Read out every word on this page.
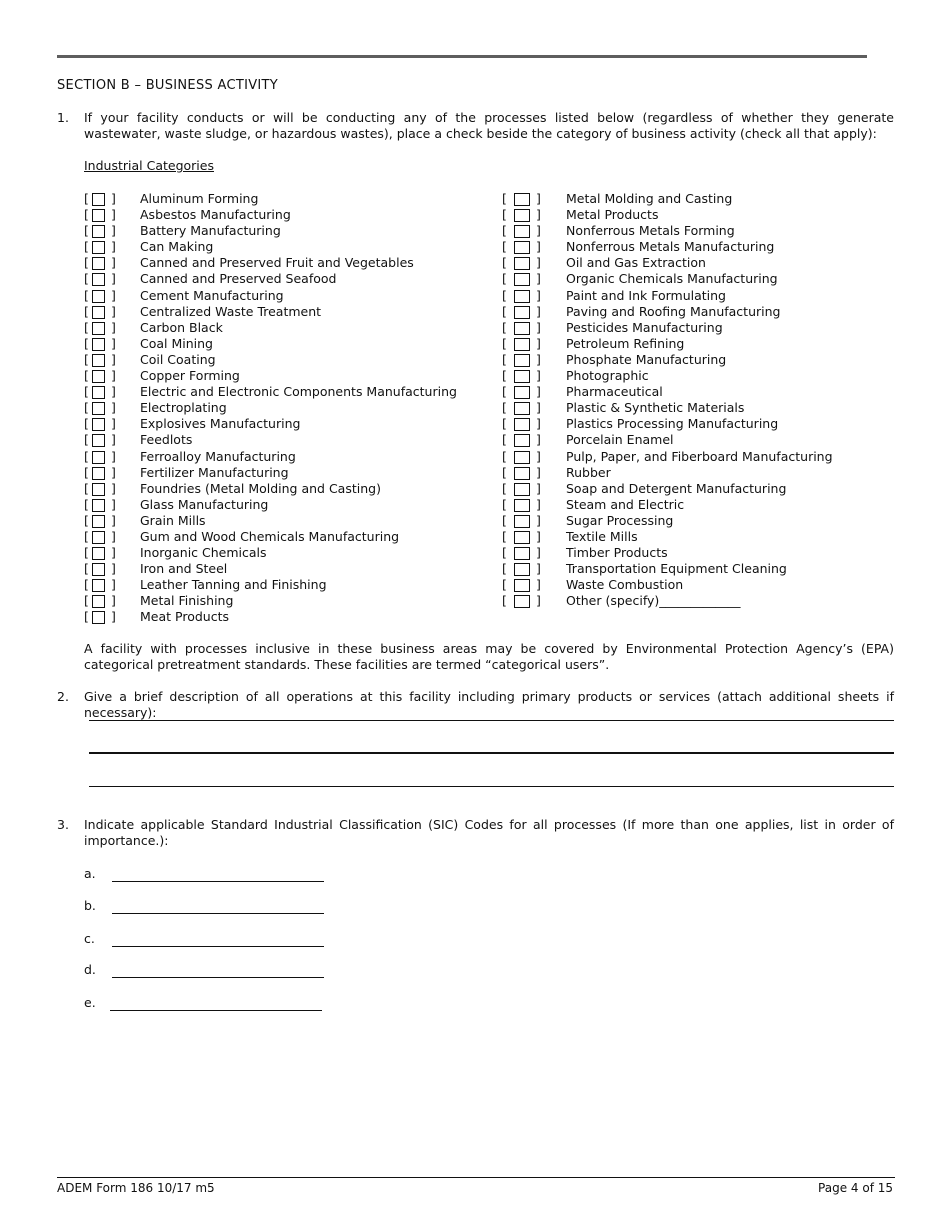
SECTION B – BUSINESS ACTIVITY
1. If your facility conducts or will be conducting any of the processes listed below (regardless of whether they generate wastewater, waste sludge, or hazardous wastes), place a check beside the category of business activity (check all that apply):
Industrial Categories
[ ] Aluminum Forming
[ ] Asbestos Manufacturing
[ ] Battery Manufacturing
[ ] Can Making
[ ] Canned and Preserved Fruit and Vegetables
[ ] Canned and Preserved Seafood
[ ] Cement Manufacturing
[ ] Centralized Waste Treatment
[ ] Carbon Black
[ ] Coal Mining
[ ] Coil Coating
[ ] Copper Forming
[ ] Electric and Electronic Components Manufacturing
[ ] Electroplating
[ ] Explosives Manufacturing
[ ] Feedlots
[ ] Ferroalloy Manufacturing
[ ] Fertilizer Manufacturing
[ ] Foundries (Metal Molding and Casting)
[ ] Glass Manufacturing
[ ] Grain Mills
[ ] Gum and Wood Chemicals Manufacturing
[ ] Inorganic Chemicals
[ ] Iron and Steel
[ ] Leather Tanning and Finishing
[ ] Metal Finishing
[ ] Meat Products
[ ] Metal Molding and Casting
[ ] Metal Products
[ ] Nonferrous Metals Forming
[ ] Nonferrous Metals Manufacturing
[ ] Oil and Gas Extraction
[ ] Organic Chemicals Manufacturing
[ ] Paint and Ink Formulating
[ ] Paving and Roofing Manufacturing
[ ] Pesticides Manufacturing
[ ] Petroleum Refining
[ ] Phosphate Manufacturing
[ ] Photographic
[ ] Pharmaceutical
[ ] Plastic & Synthetic Materials
[ ] Plastics Processing Manufacturing
[ ] Porcelain Enamel
[ ] Pulp, Paper, and Fiberboard Manufacturing
[ ] Rubber
[ ] Soap and Detergent Manufacturing
[ ] Steam and Electric
[ ] Sugar Processing
[ ] Textile Mills
[ ] Timber Products
[ ] Transportation Equipment Cleaning
[ ] Waste Combustion
[ ] Other (specify)_____________
A facility with processes inclusive in these business areas may be covered by Environmental Protection Agency’s (EPA) categorical pretreatment standards. These facilities are termed “categorical users”.
2. Give a brief description of all operations at this facility including primary products or services (attach additional sheets if necessary):
3. Indicate applicable Standard Industrial Classification (SIC) Codes for all processes (If more than one applies, list in order of importance.):
a.
b.
c.
d.
e.
ADEM Form 186 10/17 m5	Page 4 of 15
